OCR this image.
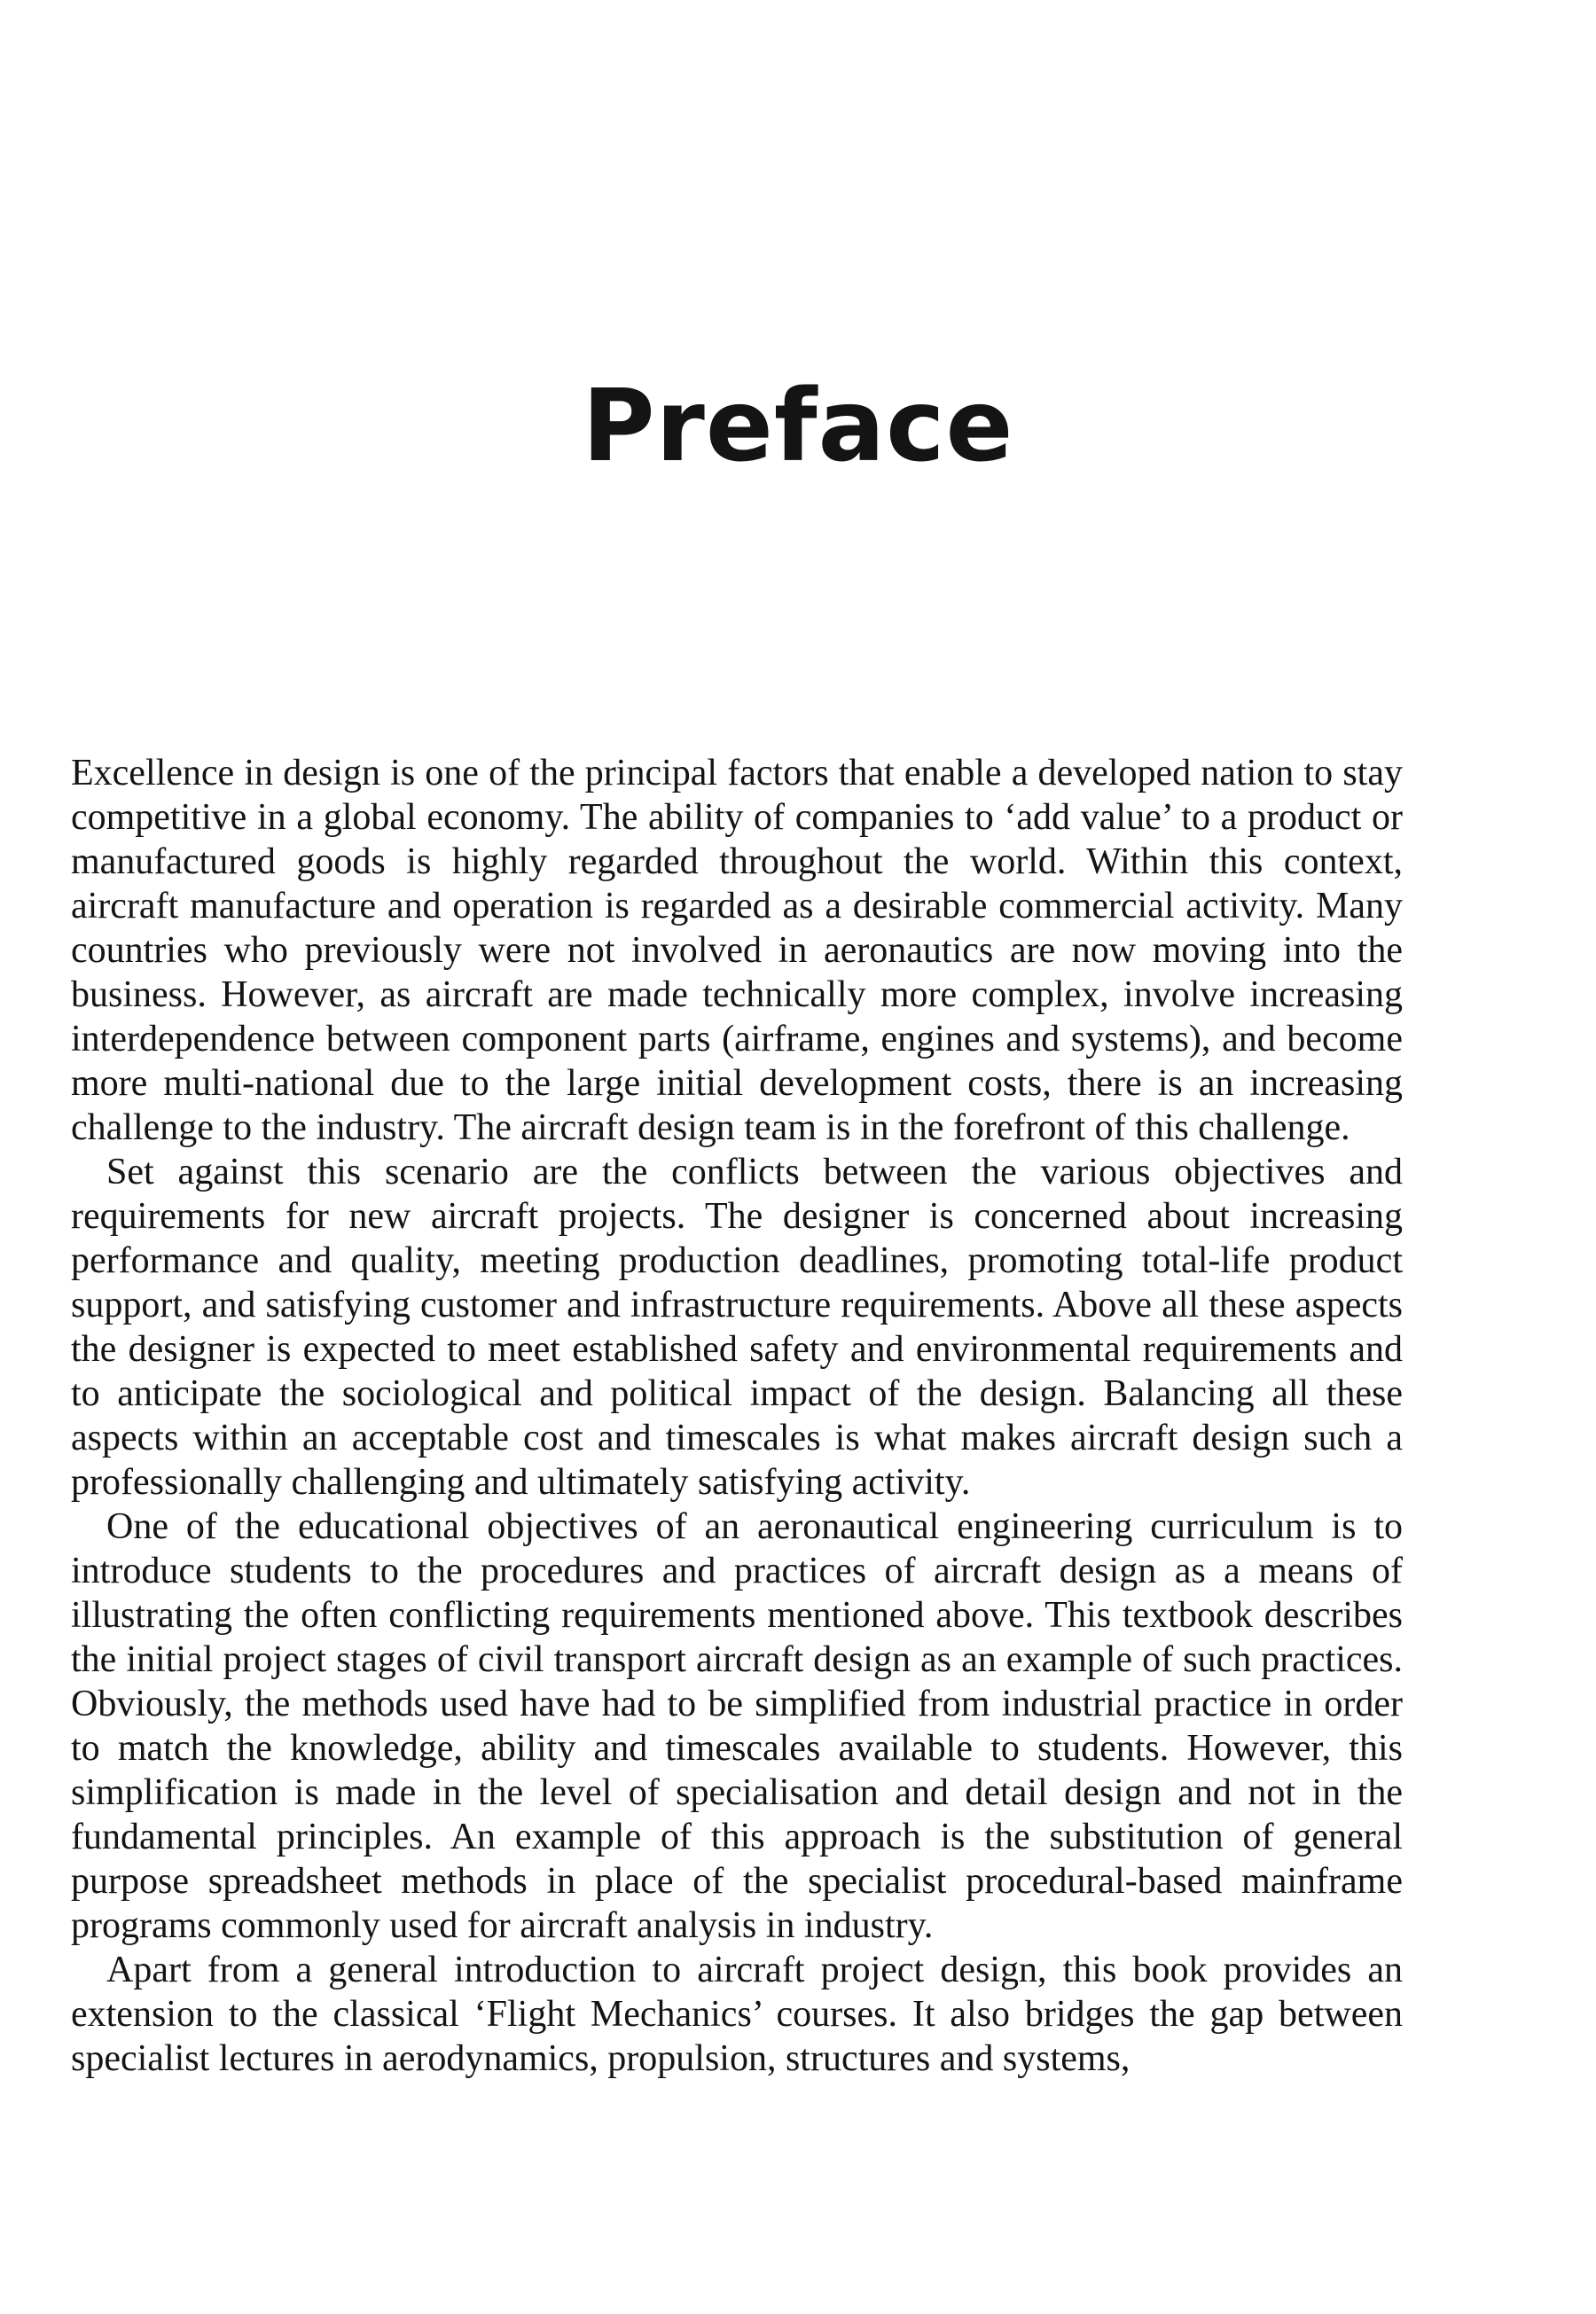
Preface

Excellence in design is one of the principal factors that enable a developed nation to stay competitive in a global economy. The ability of companies to ‘add value’ to a product or manufactured goods is highly regarded throughout the world. Within this context, aircraft manufacture and operation is regarded as a desirable commercial activity. Many countries who previously were not involved in aeronautics are now moving into the business. However, as aircraft are made technically more complex, involve increasing interdependence between component parts (airframe, engines and systems), and become more multi-national due to the large initial development costs, there is an increasing challenge to the industry. The aircraft design team is in the forefront of this challenge.

Set against this scenario are the conflicts between the various objectives and requirements for new aircraft projects. The designer is concerned about increasing performance and quality, meeting production deadlines, promoting total-life product support, and satisfying customer and infrastructure requirements. Above all these aspects the designer is expected to meet established safety and environmental requirements and to anticipate the sociological and political impact of the design. Balancing all these aspects within an acceptable cost and timescales is what makes aircraft design such a professionally challenging and ultimately satisfying activity.

One of the educational objectives of an aeronautical engineering curriculum is to introduce students to the procedures and practices of aircraft design as a means of illustrating the often conflicting requirements mentioned above. This textbook describes the initial project stages of civil transport aircraft design as an example of such practices. Obviously, the methods used have had to be simplified from industrial practice in order to match the knowledge, ability and timescales available to students. However, this simplification is made in the level of specialisation and detail design and not in the fundamental principles. An example of this approach is the substitution of general purpose spreadsheet methods in place of the specialist procedural-based mainframe programs commonly used for aircraft analysis in industry.

Apart from a general introduction to aircraft project design, this book provides an extension to the classical ‘Flight Mechanics’ courses. It also bridges the gap between specialist lectures in aerodynamics, propulsion, structures and systems,
